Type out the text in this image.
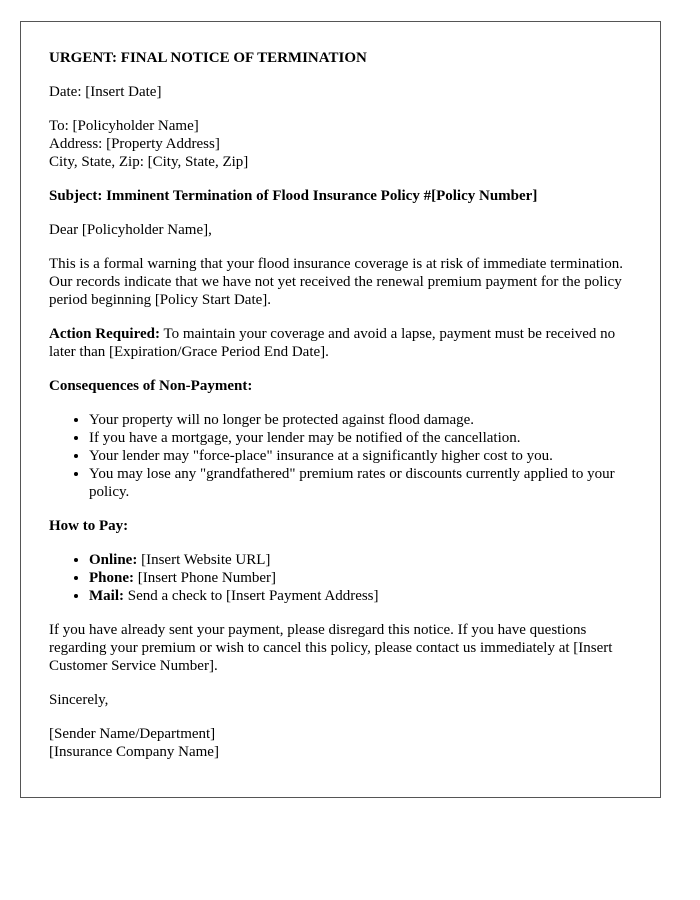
URGENT: FINAL NOTICE OF TERMINATION

Date: [Insert Date]

To: [Policyholder Name]
Address: [Property Address]
City, State, Zip: [City, State, Zip]

Subject: Imminent Termination of Flood Insurance Policy #[Policy Number]

Dear [Policyholder Name],

This is a formal warning that your flood insurance coverage is at risk of immediate termination. Our records indicate that we have not yet received the renewal premium payment for the policy period beginning [Policy Start Date].

Action Required: To maintain your coverage and avoid a lapse, payment must be received no later than [Expiration/Grace Period End Date].

Consequences of Non-Payment:

• Your property will no longer be protected against flood damage.
• If you have a mortgage, your lender may be notified of the cancellation.
• Your lender may "force-place" insurance at a significantly higher cost to you.
• You may lose any "grandfathered" premium rates or discounts currently applied to your policy.

How to Pay:

• Online: [Insert Website URL]
• Phone: [Insert Phone Number]
• Mail: Send a check to [Insert Payment Address]

If you have already sent your payment, please disregard this notice. If you have questions regarding your premium or wish to cancel this policy, please contact us immediately at [Insert Customer Service Number].

Sincerely,

[Sender Name/Department]
[Insurance Company Name]
